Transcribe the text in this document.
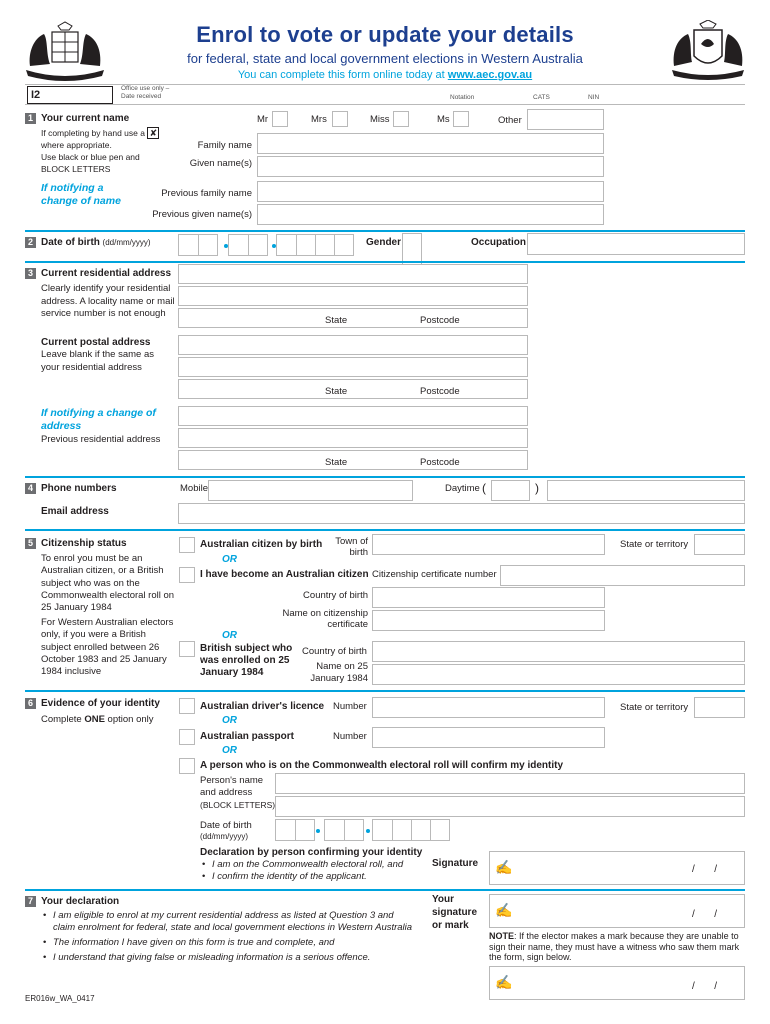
Enrol to vote or update your details
for federal, state and local government elections in Western Australia
You can complete this form online today at www.aec.gov.au
I2
Office use only –
Date received	Notation	CATS	NIN
1 Your current name
If completing by hand use a ✘
where appropriate.
Use black or blue pen and
BLOCK LETTERS
Mr	Mrs	Miss	Ms	Other
Family name
Given name(s)
If notifying a change of name
Previous family name
Previous given name(s)
2 Date of birth (dd/mm/yyyy)	Gender	Occupation
3 Current residential address
Clearly identify your residential address. A locality name or mail service number is not enough
State	Postcode
Current postal address
Leave blank if the same as your residential address
State	Postcode
If notifying a change of address
Previous residential address
State	Postcode
4 Phone numbers	Mobile	Daytime (	)
Email address
5 Citizenship status
To enrol you must be an Australian citizen, or a British subject who was on the Commonwealth electoral roll on 25 January 1984
For Western Australian electors only, if you were a British subject enrolled between 26 October 1983 and 25 January 1984 inclusive
Australian citizen by birth	Town of birth
State or territory
OR
I have become an Australian citizen Citizenship certificate number
Country of birth
Name on citizenship certificate
OR
British subject who was enrolled on 25 January 1984
Country of birth
Name on 25 January 1984
6 Evidence of your identity
Complete ONE option only
Australian driver's licence Number	State or territory
OR
Australian passport	Number
OR
A person who is on the Commonwealth electoral roll will confirm my identity
Person's name and address
(BLOCK LETTERS)
Date of birth
(dd/mm/yyyy)
Declaration by person confirming your identity
• I am on the Commonwealth electoral roll, and
• I confirm the identity of the applicant.
Signature ✍	/       /
7 Your declaration
• I am eligible to enrol at my current residential address as listed at Question 3 and claim enrolment for federal, state and local government elections in Western Australia
• The information I have given on this form is true and complete, and
• I understand that giving false or misleading information is a serious offence.
Your signature or mark
✍	/       /
NOTE: If the elector makes a mark because they are unable to sign their name, they must have a witness who saw them mark the form, sign below.
✍	/       /
ER016w_WA_0417
